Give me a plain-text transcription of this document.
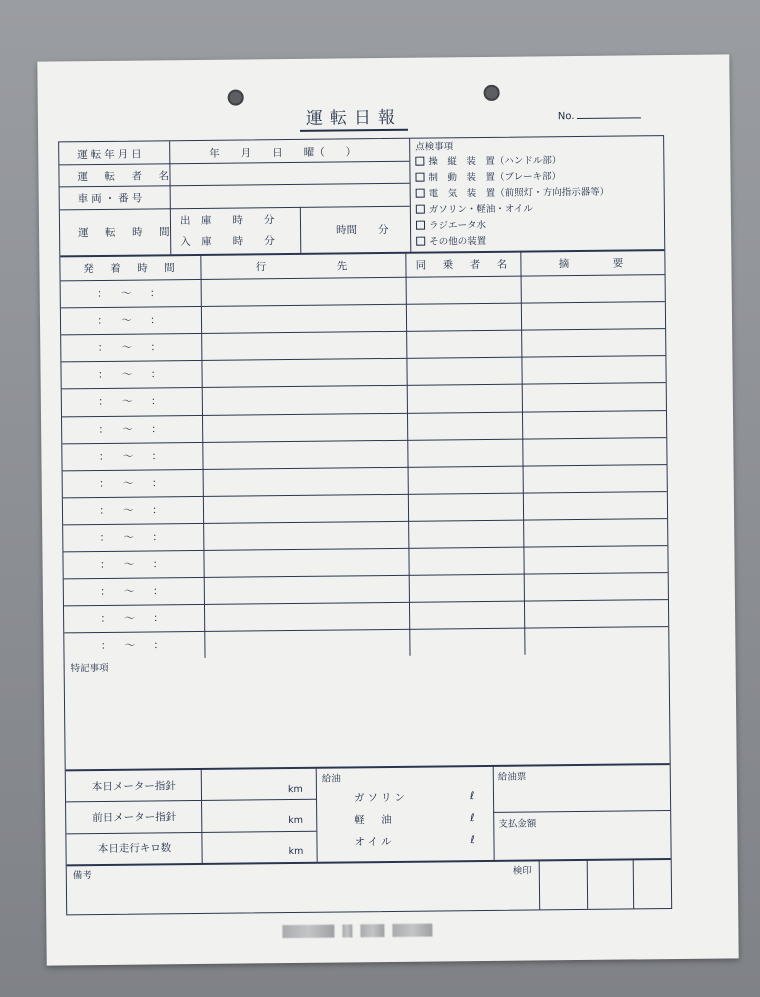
運転日報	No.
運転年月日	年　　月　　日　　曜（　　）
運　転　者　名
車両・番号
運　転　時　間
出　庫　　時　　分
入　庫　　時　　分
時間　　分
点検事項
操　縦　装　置（ハンドル部）
制　動　装　置（ブレーキ部）
電　気　装　置（前照灯・方向指示器等）
ガソリン・軽油・オイル
ラジエータ水
その他の装置
発　着　時　間	行　　　　　先	同　乗　者　名	摘　　　要
：　〜　：
：　〜　：
：　〜　：
：　〜　：
：　〜　：
：　〜　：
：　〜　：
：　〜　：
：　〜　：
：　〜　：
：　〜　：
：　〜　：
：　〜　：
：　〜　：
特記事項
本日メーター指針	km
前日メーター指針	km
本日走行キロ数	km
給油
ガソリン	ℓ
軽　油	ℓ
オイル	ℓ
給油票
支払金額
備考	検印
